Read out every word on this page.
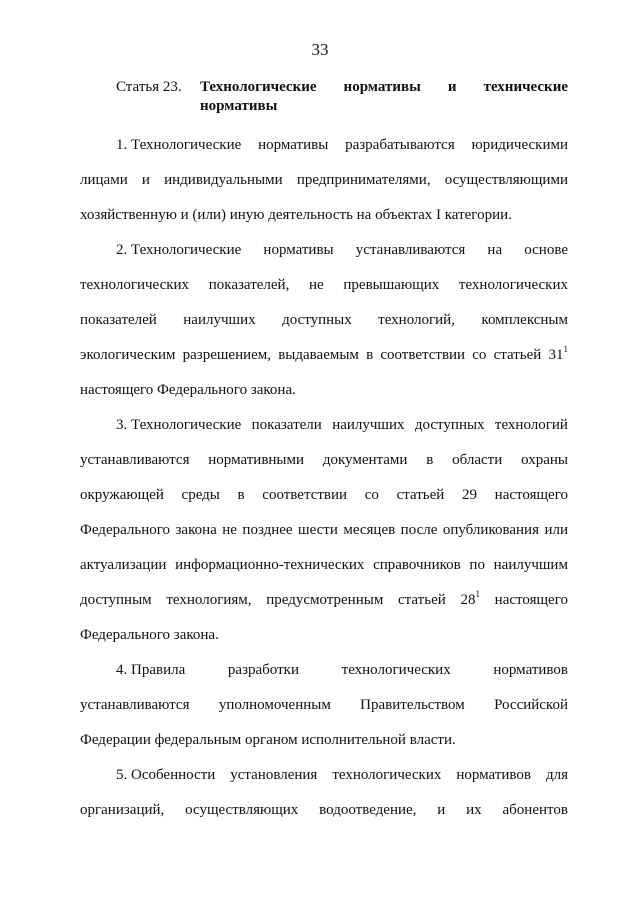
33
Статья 23. Технологические нормативы и технические
нормативы
1. Технологические нормативы разрабатываются юридическими
лицами и индивидуальными предпринимателями, осуществляющими
хозяйственную и (или) иную деятельность на объектах I категории.
2. Технологические нормативы устанавливаются на основе
технологических показателей, не превышающих технологических
показателей наилучших доступных технологий, комплексным
экологическим разрешением, выдаваемым в соответствии со статьей $31^1$
настоящего Федерального закона.
3. Технологические показатели наилучших доступных технологий
устанавливаются нормативными документами в области охраны
окружающей среды в соответствии со статьей 29 настоящего
Федерального закона не позднее шести месяцев после опубликования или
актуализации информационно-технических справочников по наилучшим
доступным технологиям, предусмотренным статьей $28^1$ настоящего
Федерального закона.
4. Правила	разработки	технологических	нормативов
устанавливаются уполномоченным Правительством Российской
Федерации федеральным органом исполнительной власти.
5. Особенности установления технологических нормативов для
организаций, осуществляющих водоотведение, и их абонентов
